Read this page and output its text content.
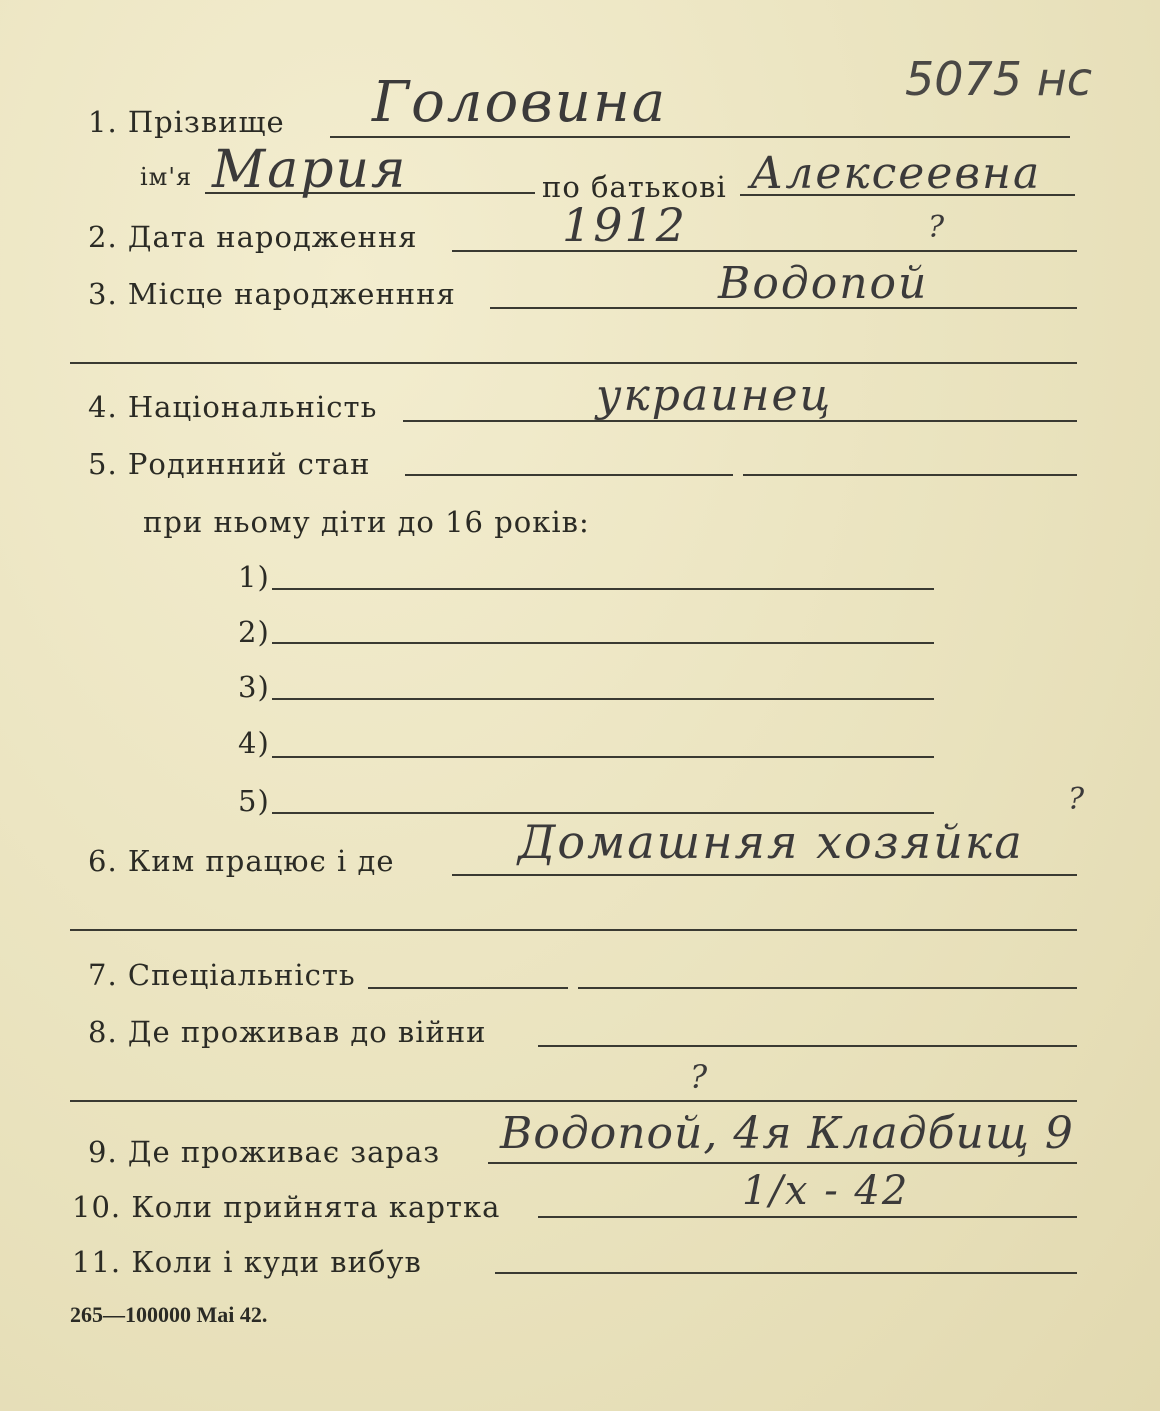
5075 нс
1. Прізвище Головина
ім'я Мария	по батькові Алексеевна
2. Дата народження	1912	?
3. Місце народженння	Водопой
4. Національність	украинец
5. Родинний стан
при ньому діти до 16 років:
1)
2)
3)
4)
5)	?
6. Ким працює і де	Домашняя хозяйка
7. Спеціальність
8. Де проживав до війни
?
9. Де проживає зараз Водопой, 4я Кладбищ 9
10. Коли прийнята картка	1/х - 42
11. Коли і куди вибув
265—100000 Mai 42.
